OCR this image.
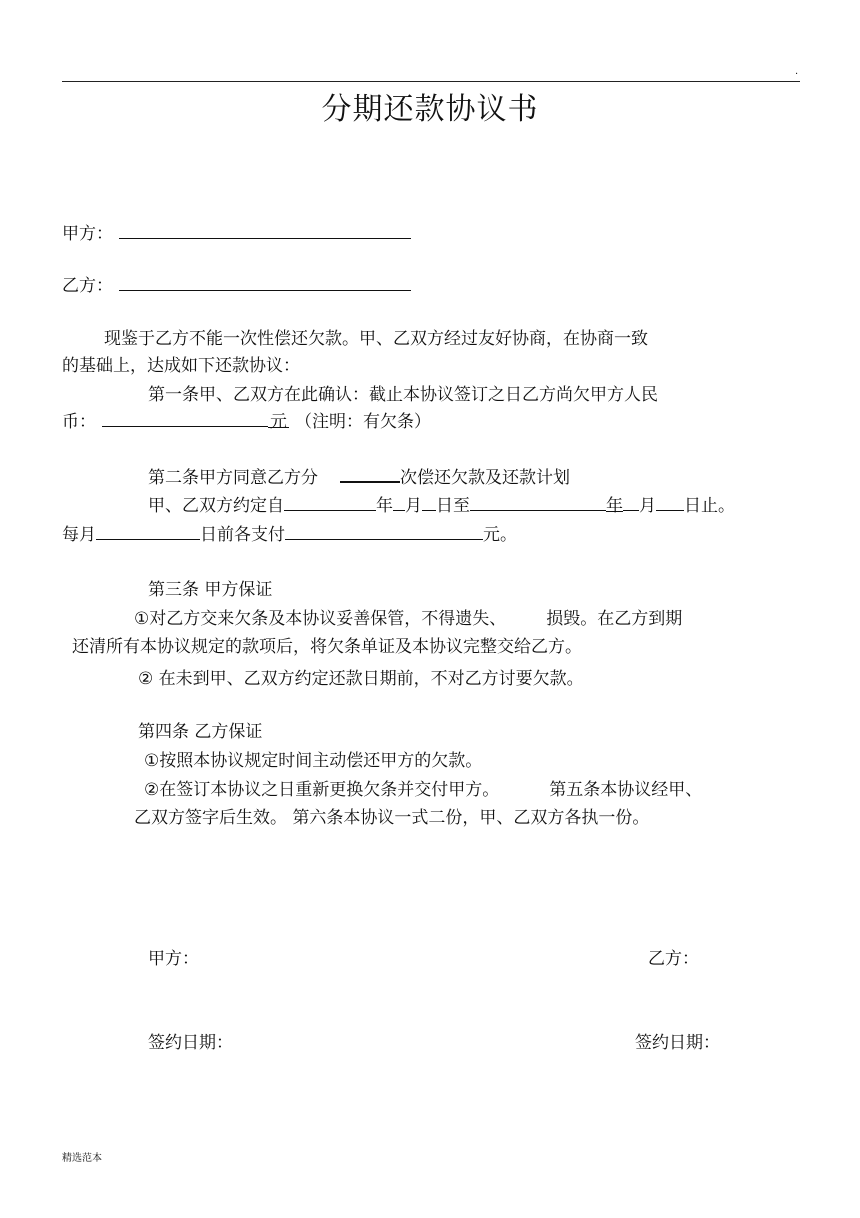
.
分期还款协议书
甲方：
乙方：
现鉴于乙方不能一次性偿还欠款。甲、乙双方经过友好协商，在协商一致
的基础上，达成如下还款协议：
第一条甲、乙双方在此确认：截止本协议签订之日乙方尚欠甲方人民
币：	元 （注明：有欠条）
第二条甲方同意乙方分	次偿还欠款及还款计划
甲、乙双方约定自	年 月 日至	年 月 日止。
每月	日前各支付	元。
第三条 甲方保证
①对乙方交来欠条及本协议妥善保管，不得遗失、 损毁。在乙方到期
还清所有本协议规定的款项后，将欠条单证及本协议完整交给乙方。
② 在未到甲、乙双方约定还款日期前，不对乙方讨要欠款。
第四条 乙方保证
①按照本协议规定时间主动偿还甲方的欠款。
②在签订本协议之日重新更换欠条并交付甲方。	第五条本协议经甲、
乙双方签字后生效。 第六条本协议一式二份，甲、乙双方各执一份。
甲方：	乙方：
签约日期：	签约日期：
精选范本
